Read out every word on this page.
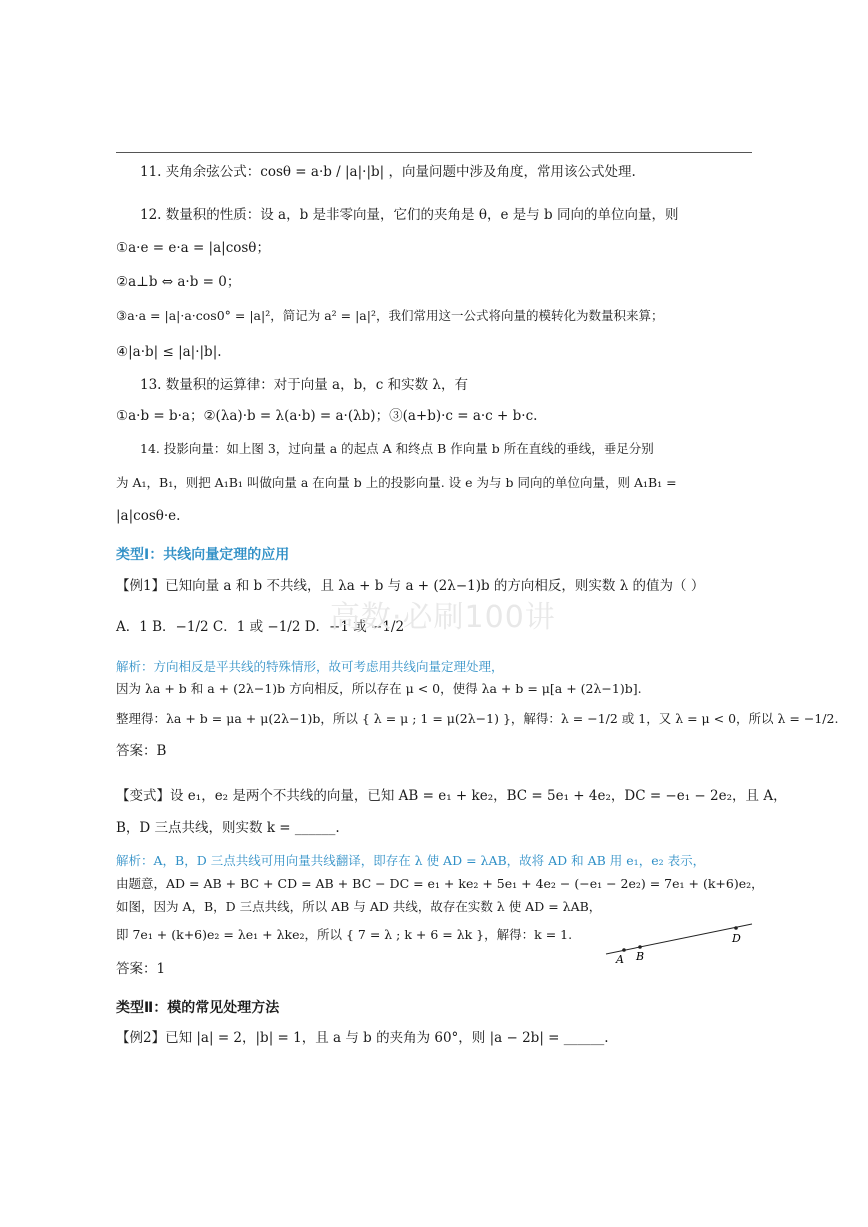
11. 夹角余弦公式：cosθ = a·b / |a|·|b| ，向量问题中涉及角度，常用该公式处理.
12. 数量积的性质：设 a，b 是非零向量，它们的夹角是 θ，e 是与 b 同向的单位向量，则
①a·e = e·a = |a|cosθ；
②a⊥b ⇔ a·b = 0；
③a·a = |a|·a·cos0° = |a|²，简记为 a² = |a|²，我们常用这一公式将向量的模转化为数量积来算；
④|a·b| ≤ |a|·|b|.
13. 数量积的运算律：对于向量 a，b，c 和实数 λ，有
①a·b = b·a；②(λa)·b = λ(a·b) = a·(λb)；③(a+b)·c = a·c + b·c.
14. 投影向量：如上图 3，过向量 a 的起点 A 和终点 B 作向量 b 所在直线的垂线，垂足分别
为 A₁，B₁，则把 A₁B₁ 叫做向量 a 在向量 b 上的投影向量. 设 e 为与 b 同向的单位向量，则 A₁B₁ =
|a|cosθ·e.
类型Ⅰ：共线向量定理的应用
【例1】已知向量 a 和 b 不共线，且 λa + b 与 a + (2λ−1)b 的方向相反，则实数 λ 的值为（ ）
A．1 B．−1/2 C．1 或 −1/2 D．−1 或 −1/2
高数·必刷100讲
解析：方向相反是平共线的特殊情形，故可考虑用共线向量定理处理，
因为 λa + b 和 a + (2λ−1)b 方向相反，所以存在 μ < 0，使得 λa + b = μ[a + (2λ−1)b].
整理得：λa + b = μa + μ(2λ−1)b，所以 { λ = μ ; 1 = μ(2λ−1) }，解得：λ = −1/2 或 1，又 λ = μ < 0，所以 λ = −1/2.
答案：B
【变式】设 e₁，e₂ 是两个不共线的向量，已知 AB = e₁ + ke₂，BC = 5e₁ + 4e₂，DC = −e₁ − 2e₂，且 A，
B，D 三点共线，则实数 k = ______.
解析：A，B，D 三点共线可用向量共线翻译，即存在 λ 使 AD = λAB，故将 AD 和 AB 用 e₁，e₂ 表示，
由题意，AD = AB + BC + CD = AB + BC − DC = e₁ + ke₂ + 5e₁ + 4e₂ − (−e₁ − 2e₂) = 7e₁ + (k+6)e₂，
如图，因为 A，B，D 三点共线，所以 AB 与 AD 共线，故存在实数 λ 使 AD = λAB，
即 7e₁ + (k+6)e₂ = λe₁ + λke₂，所以 { 7 = λ ; k + 6 = λk }，解得：k = 1.
答案：1
A B
D
类型Ⅱ：模的常见处理方法
【例2】已知 |a| = 2，|b| = 1，且 a 与 b 的夹角为 60°，则 |a − 2b| = ______.
